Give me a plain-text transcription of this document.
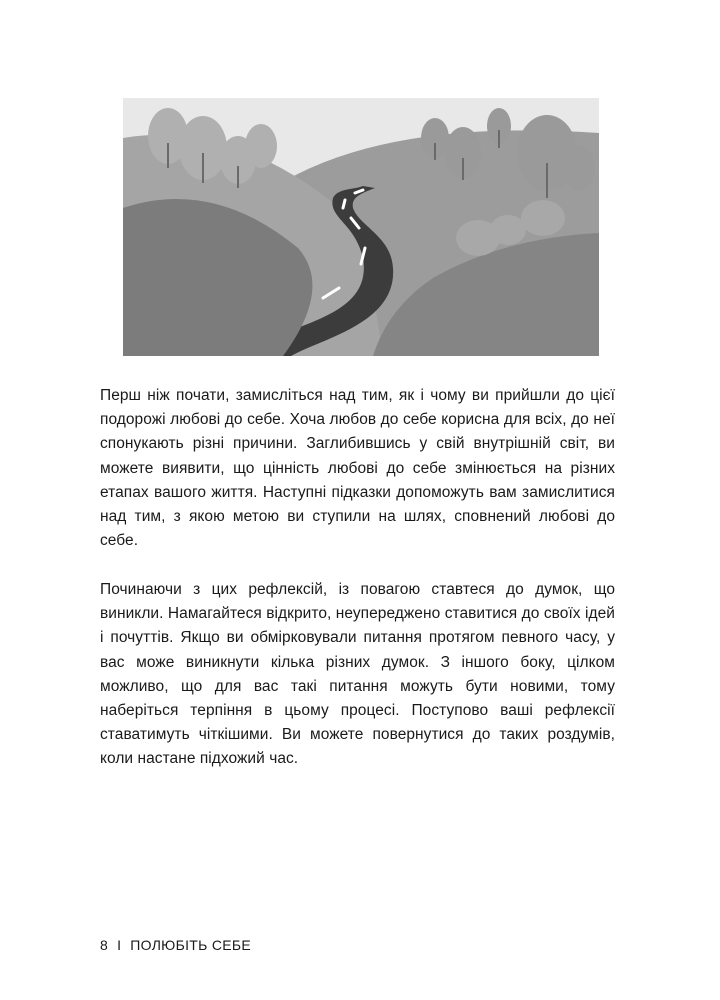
Перш ніж почати, замисліться над тим, як і чому ви прийшли до цієї подорожі любові до себе. Хоча любов до себе корисна для всіх, до неї спонукають різні причини. Заглибившись у свій внутрішній світ, ви можете виявити, що цінність любові до себе змінюється на різних етапах вашого життя. Наступні підказки допоможуть вам замислитися над тим, з якою метою ви ступили на шлях, сповнений любові до себе.

Починаючи з цих рефлексій, із повагою ставтеся до думок, що виникли. Намагайтеся відкрито, неупереджено ставитися до своїх ідей і почуттів. Якщо ви обмірковували питання протягом певного часу, у вас може виникнути кілька різних думок. З іншого боку, цілком можливо, що для вас такі питання можуть бути новими, тому наберіться терпіння в цьому процесі. Поступово ваші рефлексії ставатимуть чіткішими. Ви можете повернутися до таких роздумів, коли настане підхожий час.

8 I ПОЛЮБІТЬ СЕБЕ
